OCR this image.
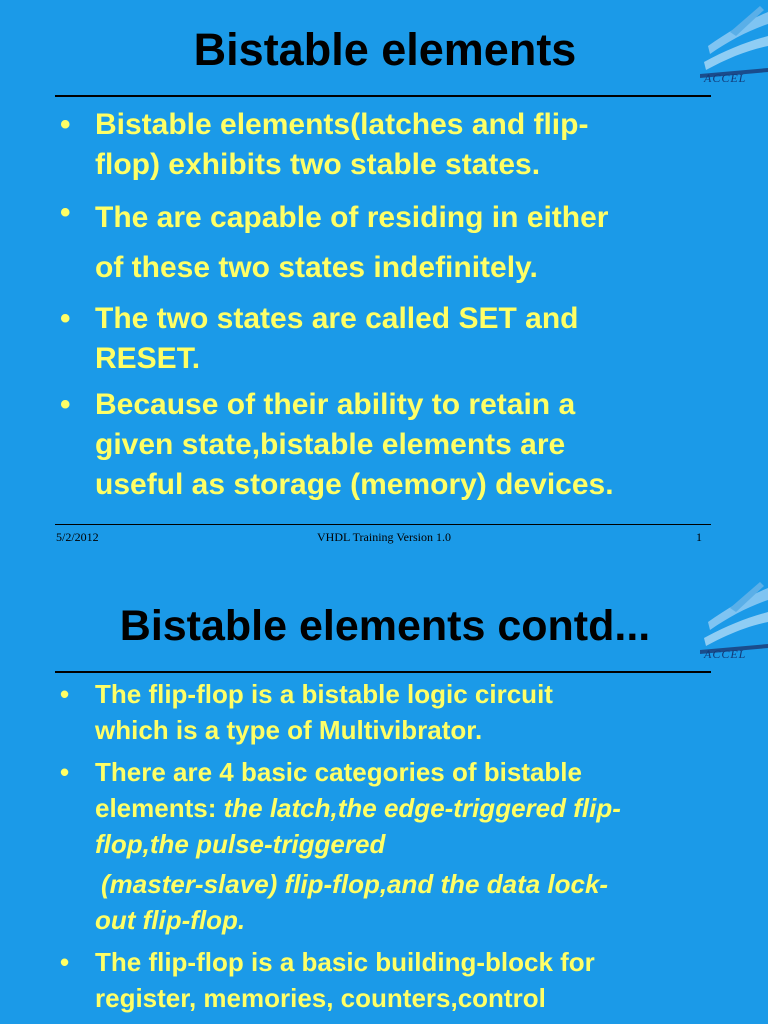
Bistable elements
ACCEL
• Bistable elements(latches and flip-
flop) exhibits two stable states.
• The are capable of residing in either
of these two states indefinitely.
• The two states are called SET and
RESET.
• Because of their ability to retain a
given state,bistable elements are
useful as storage (memory) devices.
5/2/2012	VHDL Training Version 1.0	1
Bistable elements contd...
ACCEL
• The flip-flop is a bistable logic circuit
which is a type of Multivibrator.
• There are 4 basic categories of bistable
elements: the latch,the edge-triggered flip-
flop,the pulse-triggered
(master-slave) flip-flop,and the data lock-
out flip-flop.
• The flip-flop is a basic building-block for
register, memories, counters,control
